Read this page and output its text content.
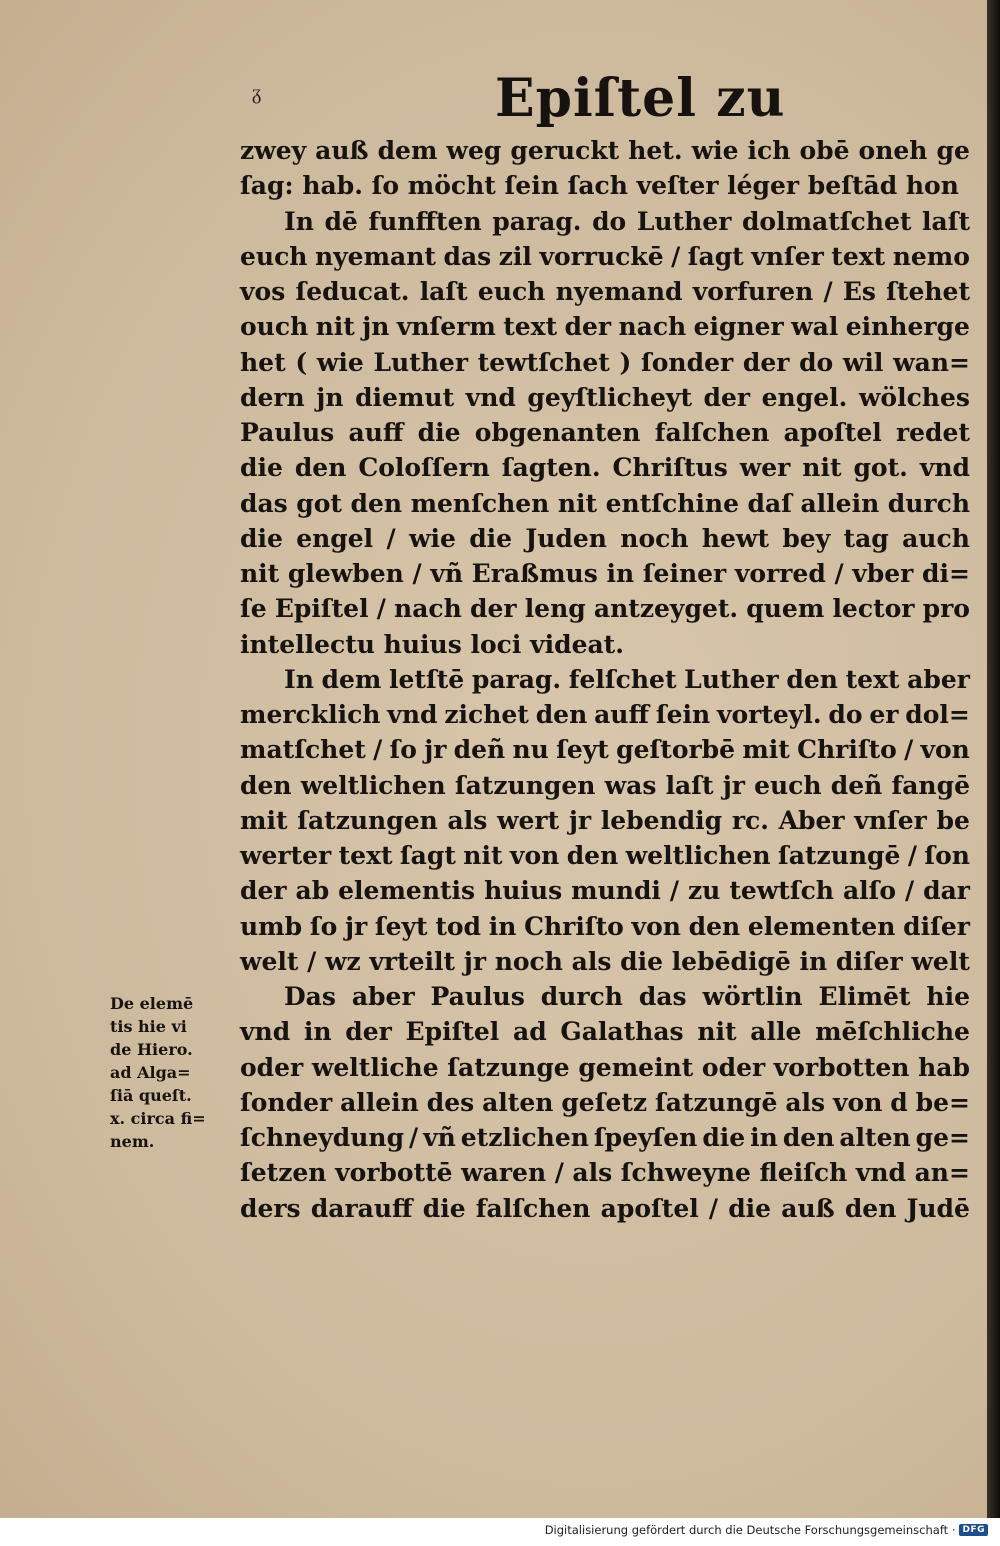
ᵹ	Epiſtel zu
zwey auß dem weg geruckt het. wie ich obē oneh ge
ſag: hab. ſo möcht ſein ſach veſter léger beſtād hon
In dē funfften parag. do Luther dolmatſchet laſt
euch nyemant das zil vorruckē / ſagt vnſer text nemo
vos ſeducat. laſt euch nyemand vorfuren / Es ſtehet
ouch nit jn vnſerm text der nach eigner wal einherge
het ( wie Luther tewtſchet ) ſonder der do wil wan=
dern jn diemut vnd geyſtlicheyt der engel. wölches
Paulus auff die obgenanten falſchen apoſtel redet
die den Coloſſern ſagten. Chriſtus wer nit got. vnd
das got den menſchen nit entſchine daſ allein durch
die engel / wie die Juden noch hewt bey tag auch
nit glewben / vñ Eraßmus in ſeiner vorred / vber di=
ſe Epiſtel / nach der leng antzeyget. quem lector pro
intellectu huius loci videat.
In dem letſtē parag. felſchet Luther den text aber
mercklich vnd zichet den auff ſein vorteyl. do er dol=
matſchet / ſo jr deñ nu ſeyt geſtorbē mit Chriſto / von
den weltlichen ſatzungen was laſt jr euch deñ fangē
mit ſatzungen als wert jr lebendig rc. Aber vnſer be
werter text ſagt nit von den weltlichen ſatzungē / ſon
der ab elementis huius mundi / zu tewtſch alſo / dar
umb ſo jr ſeyt tod in Chriſto von den elementen diſer
welt / wz vrteilt jr noch als die lebēdigē in diſer welt
Das aber Paulus durch das wörtlin Elimēt hie
vnd in der Epiſtel ad Galathas nit alle mēſchliche
oder weltliche ſatzunge gemeint oder vorbotten hab
ſonder allein des alten geſetz ſatzungē als von d be=
ſchneydung / vñ etzlichen ſpeyſen die in den alten ge=
ſetzen vorbottē waren / als ſchweyne fleiſch vnd an=
ders darauff die falſchen apoſtel / die auß den Judē
De elemē
tis hie vi
de Hiero.
ad Alga=
ſiā queſt.
x. circa fi=
nem.
Digitalisierung gefördert durch die Deutsche Forschungsgemeinschaft · DFG
